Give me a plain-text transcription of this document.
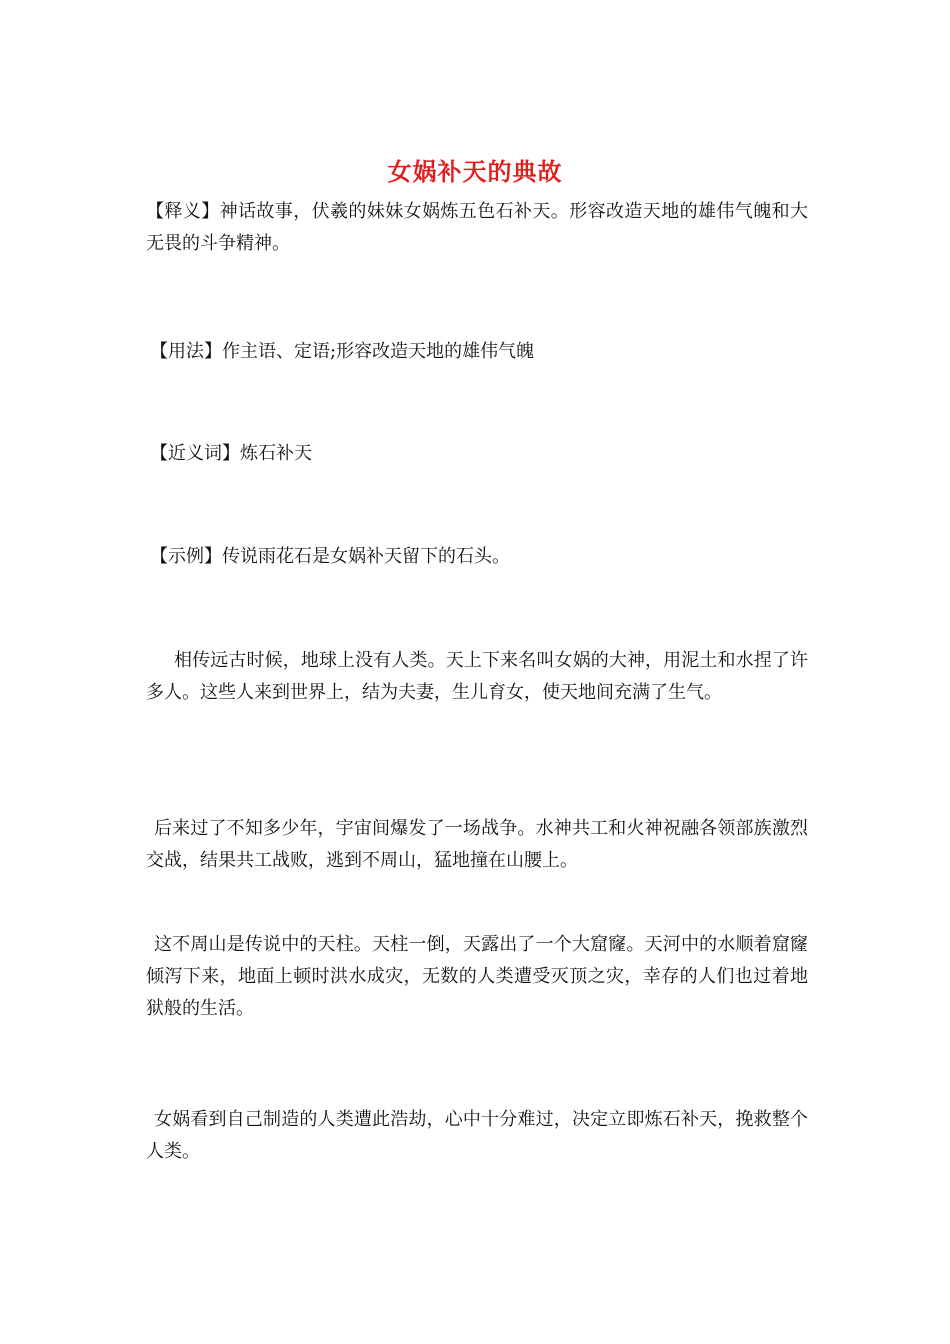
女娲补天的典故
【释义】神话故事，伏羲的妹妹女娲炼五色石补天。形容改造天地的雄伟气魄和大无畏的斗争精神。
【用法】作主语、定语;形容改造天地的雄伟气魄
【近义词】炼石补天
【示例】传说雨花石是女娲补天留下的石头。
相传远古时候，地球上没有人类。天上下来名叫女娲的大神，用泥土和水捏了许多人。这些人来到世界上，结为夫妻，生儿育女，使天地间充满了生气。
后来过了不知多少年，宇宙间爆发了一场战争。水神共工和火神祝融各领部族激烈交战，结果共工战败，逃到不周山，猛地撞在山腰上。
这不周山是传说中的天柱。天柱一倒，天露出了一个大窟窿。天河中的水顺着窟窿倾泻下来，地面上顿时洪水成灾，无数的人类遭受灭顶之灾，幸存的人们也过着地狱般的生活。
女娲看到自己制造的人类遭此浩劫，心中十分难过，决定立即炼石补天，挽救整个人类。
